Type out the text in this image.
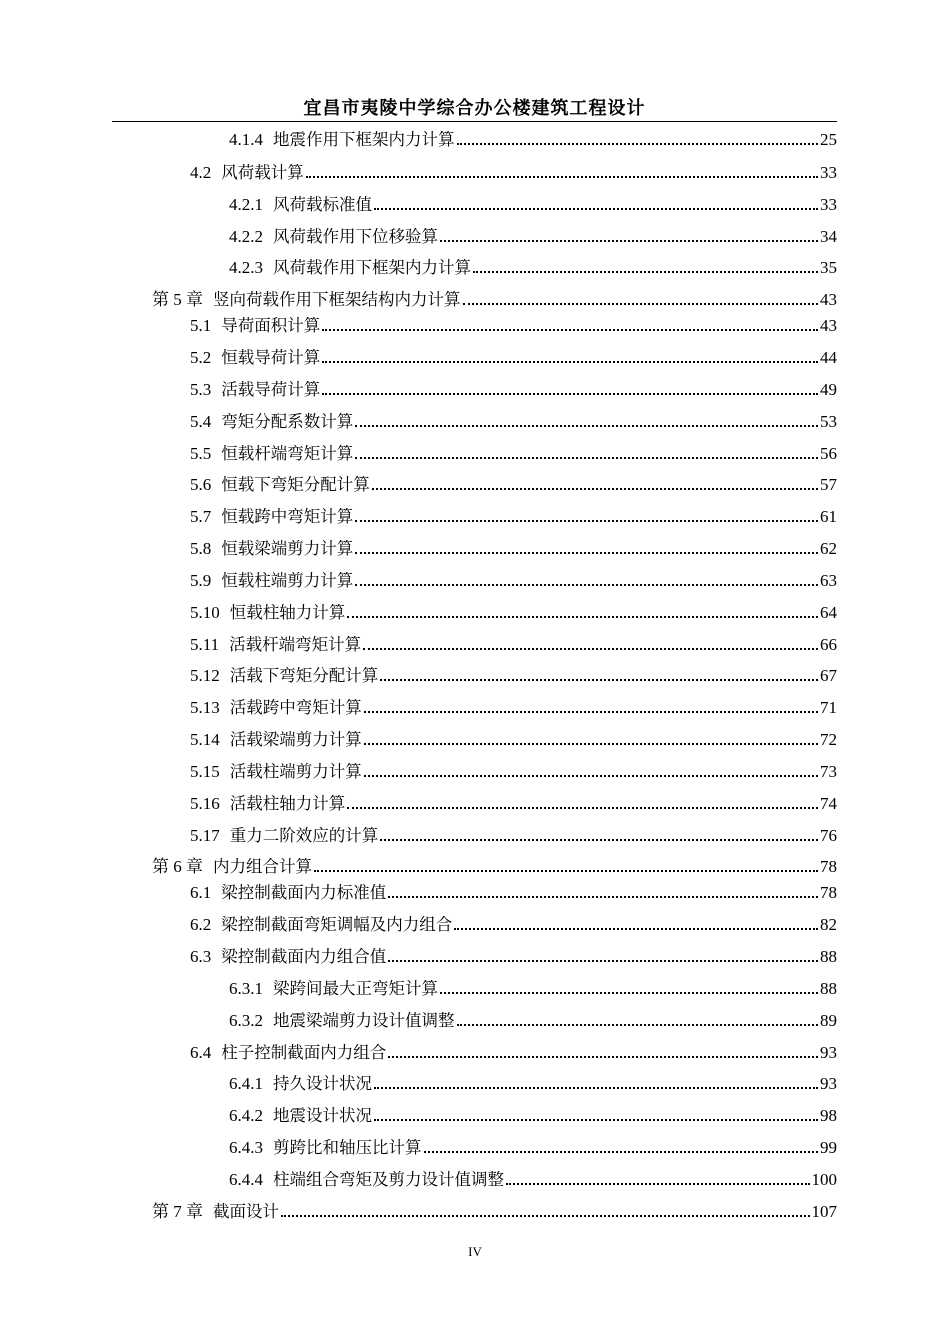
宜昌市夷陵中学综合办公楼建筑工程设计
4.1.4 地震作用下框架内力计算	25
4.2 风荷载计算	33
4.2.1 风荷载标准值	33
4.2.2 风荷载作用下位移验算	34
4.2.3 风荷载作用下框架内力计算	35
第 5 章 竖向荷载作用下框架结构内力计算	43
5.1 导荷面积计算	43
5.2 恒载导荷计算	44
5.3 活载导荷计算	49
5.4 弯矩分配系数计算	53
5.5 恒载杆端弯矩计算	56
5.6 恒载下弯矩分配计算	57
5.7 恒载跨中弯矩计算	61
5.8 恒载梁端剪力计算	62
5.9 恒载柱端剪力计算	63
5.10 恒载柱轴力计算	64
5.11 活载杆端弯矩计算	66
5.12 活载下弯矩分配计算	67
5.13 活载跨中弯矩计算	71
5.14 活载梁端剪力计算	72
5.15 活载柱端剪力计算	73
5.16 活载柱轴力计算	74
5.17 重力二阶效应的计算	76
第 6 章 内力组合计算	78
6.1 梁控制截面内力标准值	78
6.2 梁控制截面弯矩调幅及内力组合	82
6.3 梁控制截面内力组合值	88
6.3.1 梁跨间最大正弯矩计算	88
6.3.2 地震梁端剪力设计值调整	89
6.4 柱子控制截面内力组合	93
6.4.1 持久设计状况	93
6.4.2 地震设计状况	98
6.4.3 剪跨比和轴压比计算	99
6.4.4 柱端组合弯矩及剪力设计值调整	100
第 7 章 截面设计	107
IV
